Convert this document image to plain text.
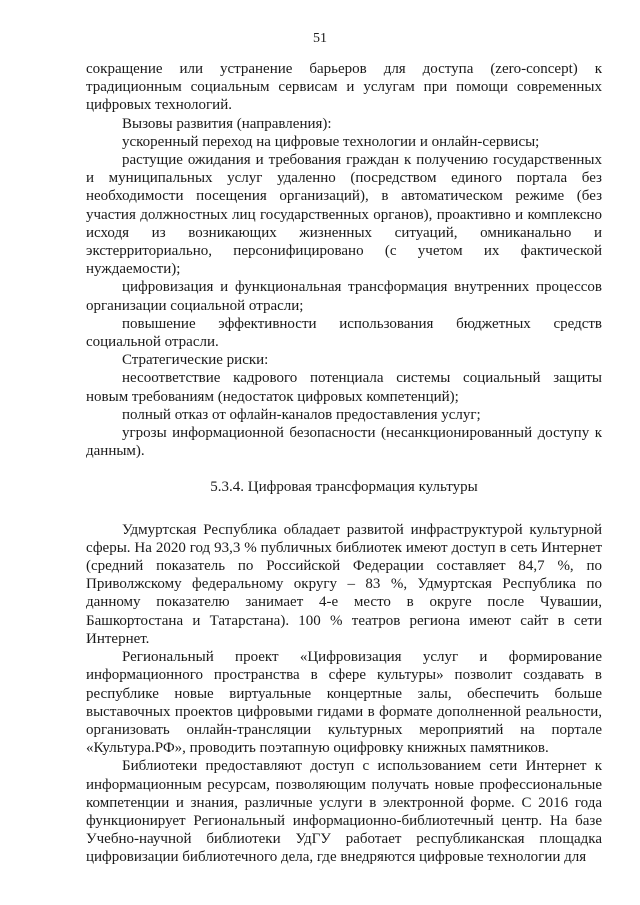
51

сокращение или устранение барьеров для доступа (zero-concept) к традиционным социальным сервисам и услугам при помощи современных цифровых технологий.

Вызовы развития (направления):

ускоренный переход на цифровые технологии и онлайн-сервисы;

растущие ожидания и требования граждан к получению государственных и муниципальных услуг удаленно (посредством единого портала без необходимости посещения организаций), в автоматическом режиме (без участия должностных лиц государственных органов), проактивно и комплексно исходя из возникающих жизненных ситуаций, омниканально и экстерриториально, персонифицировано (с учетом их фактической нуждаемости);

цифровизация и функциональная трансформация внутренних процессов организации социальной отрасли;

повышение эффективности использования бюджетных средств социальной отрасли.

Стратегические риски:

несоответствие кадрового потенциала системы социальный защиты новым требованиям (недостаток цифровых компетенций);

полный отказ от офлайн-каналов предоставления услуг;

угрозы информационной безопасности (несанкционированный доступу к данным).

5.3.4. Цифровая трансформация культуры

Удмуртская Республика обладает развитой инфраструктурой культурной сферы. На 2020 год 93,3 % публичных библиотек имеют доступ в сеть Интернет (средний показатель по Российской Федерации составляет 84,7 %, по Приволжскому федеральному округу – 83 %, Удмуртская Республика по данному показателю занимает 4-е место в округе после Чувашии, Башкортостана и Татарстана). 100 % театров региона имеют сайт в сети Интернет.

Региональный проект «Цифровизация услуг и формирование информационного пространства в сфере культуры» позволит создавать в республике новые виртуальные концертные залы, обеспечить больше выставочных проектов цифровыми гидами в формате дополненной реальности, организовать онлайн-трансляции культурных мероприятий на портале «Культура.РФ», проводить поэтапную оцифровку книжных памятников.

Библиотеки предоставляют доступ с использованием сети Интернет к информационным ресурсам, позволяющим получать новые профессиональные компетенции и знания, различные услуги в электронной форме. С 2016 года функционирует Региональный информационно-библиотечный центр. На базе Учебно-научной библиотеки УдГУ работает республиканская площадка цифровизации библиотечного дела, где внедряются цифровые технологии для
